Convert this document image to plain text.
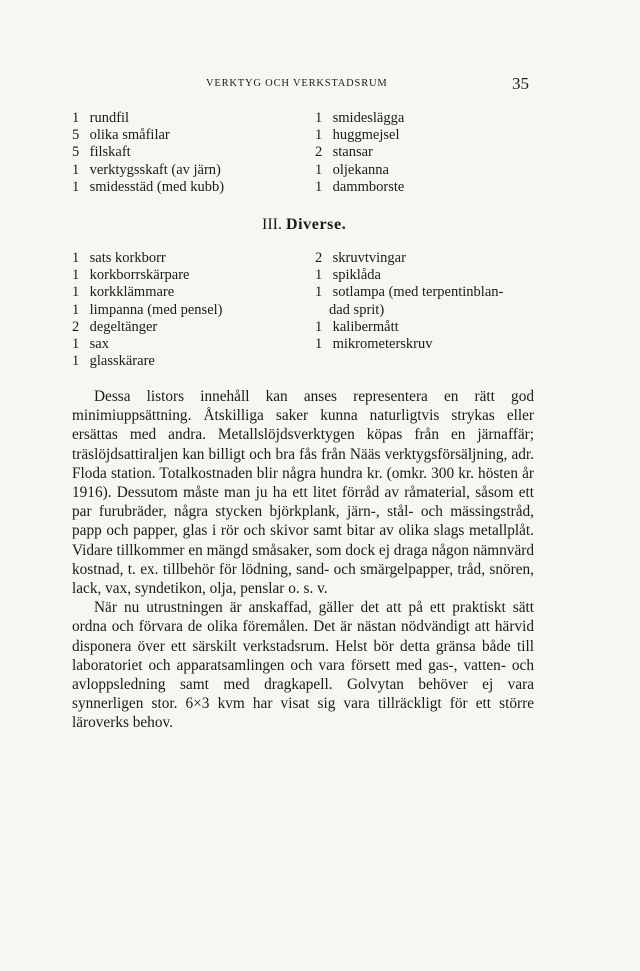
VERKTYG OCH VERKSTADSRUM	35
1 rundfil
5 olika småfilar
5 filskaft
1 verktygsskaft (av järn)
1 smidesstäd (med kubb)
1 smideslägga
1 huggmejsel
2 stansar
1 oljekanna
1 dammborste
III. Diverse.
1 sats korkborr
1 korkborrskärpare
1 korkklämmare
1 limpanna (med pensel)
2 degeltänger
1 sax
1 glasskärare
2 skruvtvingar
1 spiklåda
1 sotlampa (med terpentinblan-
dad sprit)
1 kalibermått
1 mikrometerskruv

Dessa listors innehåll kan anses representera en rätt god minimiuppsättning. Åtskilliga saker kunna naturligtvis strykas eller ersättas med andra. Metallslöjdsverktygen köpas från en järnaffär; träslöjdsattiraljen kan billigt och bra fås från Nääs verktygsförsäljning, adr. Floda station. Totalkostnaden blir några hundra kr. (omkr. 300 kr. hösten år 1916). Dessutom måste man ju ha ett litet förråd av råmaterial, såsom ett par furubräder, några stycken björkplank, järn-, stål- och mässingstråd, papp och papper, glas i rör och skivor samt bitar av olika slags metallplåt. Vidare tillkommer en mängd småsaker, som dock ej draga någon nämnvärd kostnad, t. ex. tillbehör för lödning, sand- och smärgelpapper, tråd, snören, lack, vax, syndetikon, olja, penslar o. s. v.

När nu utrustningen är anskaffad, gäller det att på ett praktiskt sätt ordna och förvara de olika föremålen. Det är nästan nödvändigt att härvid disponera över ett särskilt verkstadsrum. Helst bör detta gränsa både till laboratoriet och apparatsamlingen och vara försett med gas-, vatten- och avloppsledning samt med dragkapell. Golvytan behöver ej vara synnerligen stor. 6×3 kvm har visat sig vara tillräckligt för ett större läroverks behov.
